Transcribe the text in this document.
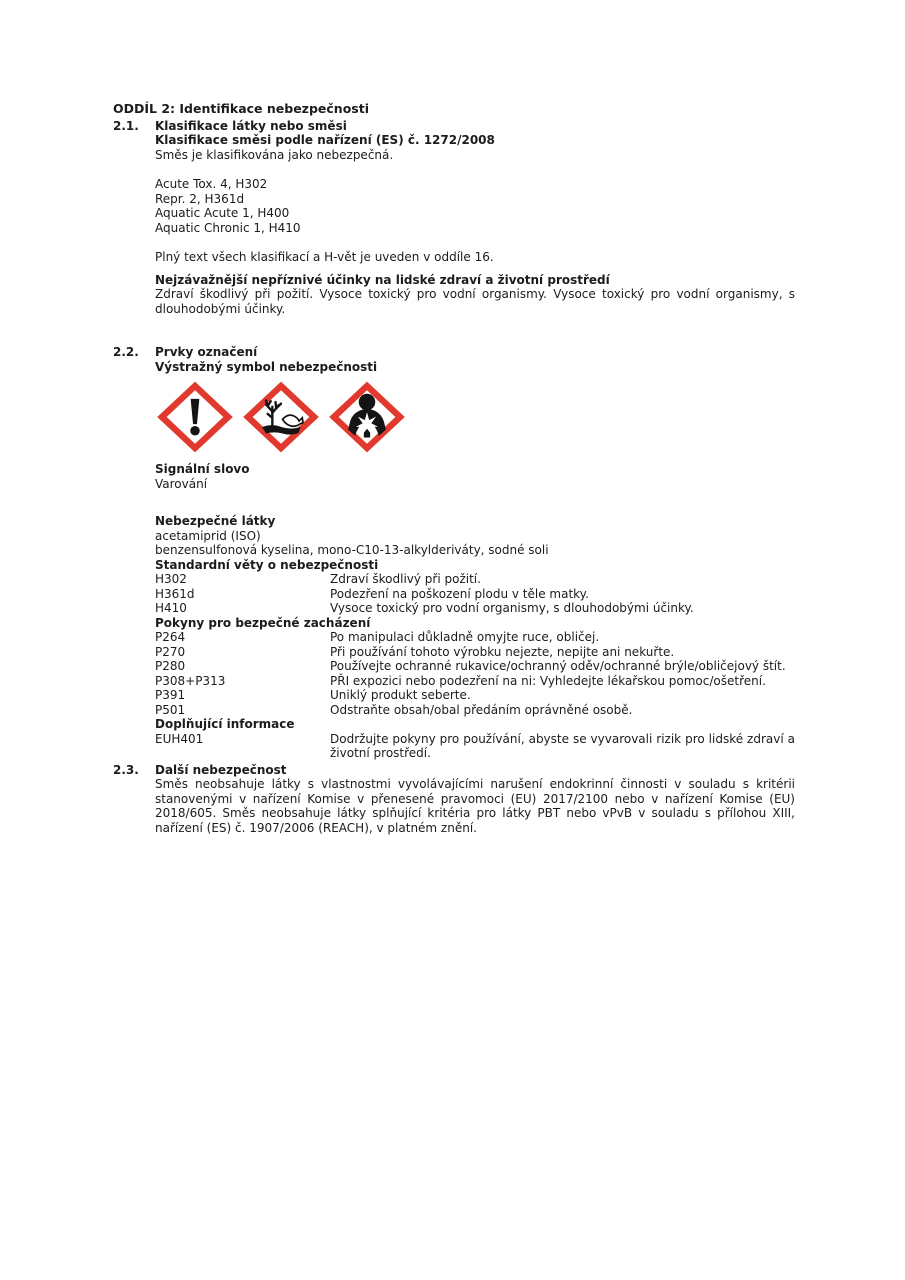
ODDÍL 2: Identifikace nebezpečnosti
2.1.	Klasifikace látky nebo směsi
Klasifikace směsi podle nařízení (ES) č. 1272/2008
Směs je klasifikována jako nebezpečná.
Acute Tox. 4, H302
Repr. 2, H361d
Aquatic Acute 1, H400
Aquatic Chronic 1, H410
Plný text všech klasifikací a H-vět je uveden v oddíle 16.
Nejzávažnější nepříznivé účinky na lidské zdraví a životní prostředí
Zdraví škodlivý při požití. Vysoce toxický pro vodní organismy. Vysoce toxický pro vodní organismy, s dlouhodobými účinky.
2.2.	Prvky označení
Výstražný symbol nebezpečnosti
Signální slovo
Varování
Nebezpečné látky
acetamiprid (ISO)
benzensulfonová kyselina, mono-C10-13-alkylderiváty, sodné soli
Standardní věty o nebezpečnosti
H302	Zdraví škodlivý při požití.
H361d	Podezření na poškození plodu v těle matky.
H410	Vysoce toxický pro vodní organismy, s dlouhodobými účinky.
Pokyny pro bezpečné zacházení
P264	Po manipulaci důkladně omyjte ruce, obličej.
P270	Při používání tohoto výrobku nejezte, nepijte ani nekuřte.
P280	Používejte ochranné rukavice/ochranný oděv/ochranné brýle/obličejový štít.
P308+P313	PŘI expozici nebo podezření na ni: Vyhledejte lékařskou pomoc/ošetření.
P391	Uniklý produkt seberte.
P501	Odstraňte obsah/obal předáním oprávněné osobě.
Doplňující informace
EUH401	Dodržujte pokyny pro používání, abyste se vyvarovali rizik pro lidské zdraví a životní prostředí.
2.3.	Další nebezpečnost
Směs neobsahuje látky s vlastnostmi vyvolávajícími narušení endokrinní činnosti v souladu s kritérii stanovenými v nařízení Komise v přenesené pravomoci (EU) 2017/2100 nebo v nařízení Komise (EU) 2018/605. Směs neobsahuje látky splňující kritéria pro látky PBT nebo vPvB v souladu s přílohou XIII, nařízení (ES) č. 1907/2006 (REACH), v platném znění.
